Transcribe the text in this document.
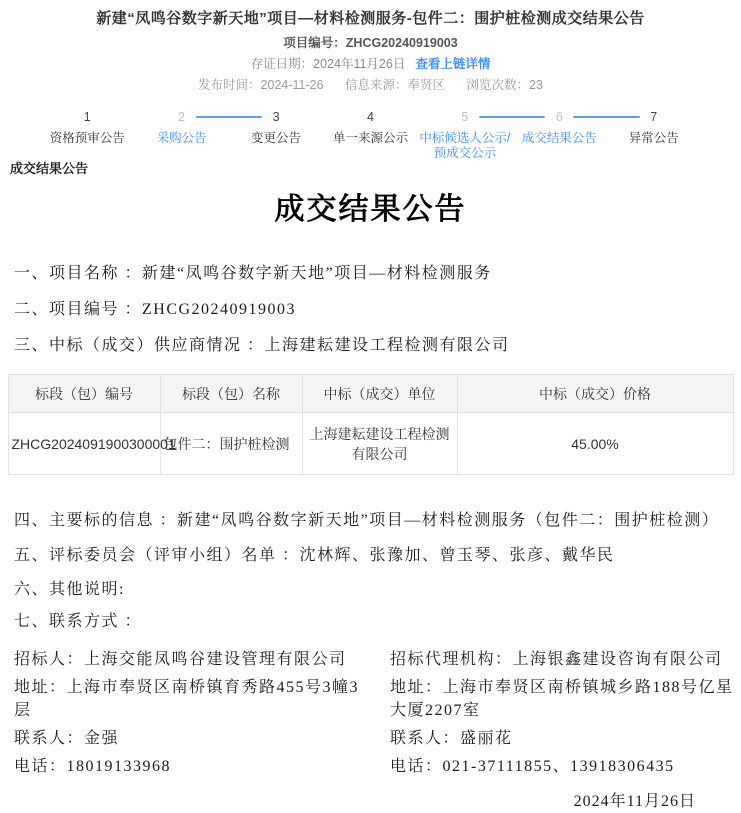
新建“凤鸣谷数字新天地”项目—材料检测服务-包件二：围护桩检测成交结果公告
项目编号：ZHCG20240919003
存证日期：2024年11月26日 查看上链详情
发布时间：2024-11-26 信息来源：奉贤区 浏览次数：23
1
资格预审公告
2
采购公告
3
变更公告
4
单一来源公示
5
中标候选人公示/预成交公示
6
成交结果公告
7
异常公告
成交结果公告
成交结果公告
一、项目名称 ：新建“凤鸣谷数字新天地”项目—材料检测服务
二、项目编号 ：ZHCG20240919003
三、中标（成交）供应商情况 ：上海建耘建设工程检测有限公司
标段（包）编号	标段（包）名称	中标（成交）单位	中标（成交）价格
ZHCG2024091900300001	包件二：围护桩检测	上海建耘建设工程检测有限公司	45.00%
四、主要标的信息 ：新建“凤鸣谷数字新天地”项目—材料检测服务（包件二：围护桩检测）
五、评标委员会（评审小组）名单 ：沈林辉、张豫加、曾玉琴、张彦、戴华民
六、其他说明:
七、联系方式 ：
招标人：上海交能凤鸣谷建设管理有限公司
地址：上海市奉贤区南桥镇育秀路455号3幢3层
联系人：金强
电话：18019133968
招标代理机构：上海银鑫建设咨询有限公司
地址：上海市奉贤区南桥镇城乡路188号亿星大厦2207室
联系人：盛丽花
电话：021-37111855、13918306435
2024年11月26日
